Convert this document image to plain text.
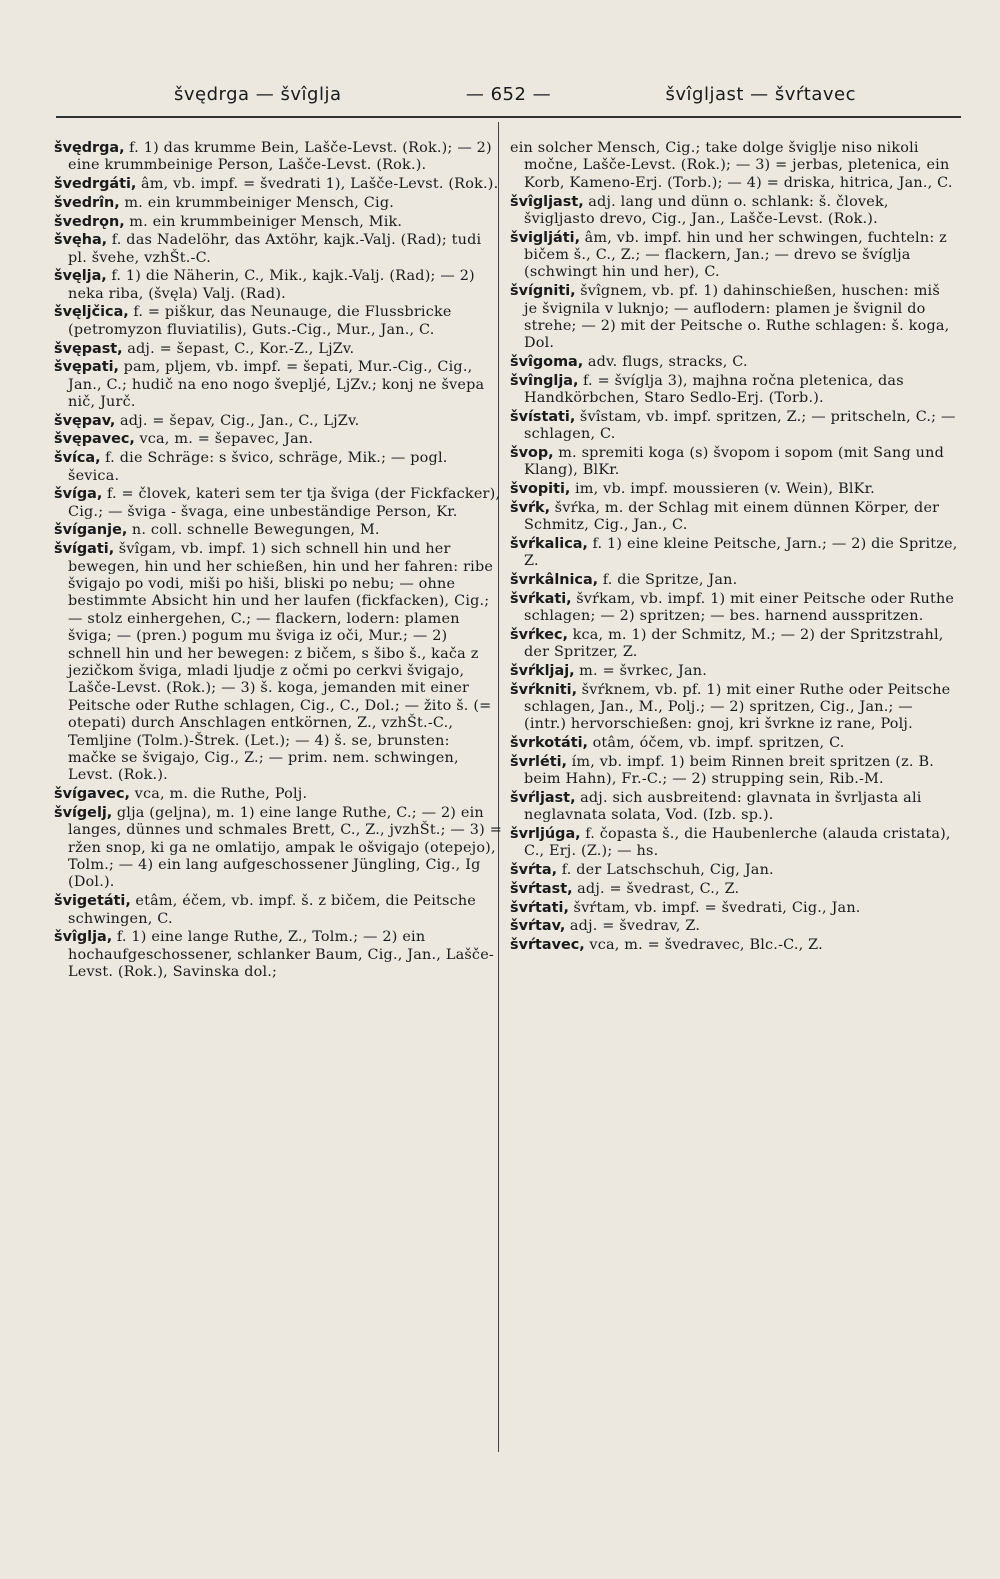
švędrga — švîglja	— 652 —	švîgljast — švŕtavec

švędrga, f. 1) das krumme Bein, Lašče-Levst. (Rok.); — 2) eine krummbeinige Person, Lašče-Levst. (Rok.).

švedrgáti, âm, vb. impf. = švedrati 1), Lašče-Levst. (Rok.).

švedrîn, m. ein krummbeiniger Mensch, Cig.

švedrǫn, m. ein krummbeiniger Mensch, Mik.

švęha, f. das Nadelöhr, das Axtöhr, kajk.-Valj. (Rad); tudi pl. švehe, vzhŠt.-C.

švęlja, f. 1) die Näherin, C., Mik., kajk.-Valj. (Rad); — 2) neka riba, (švęla) Valj. (Rad).

švęljčica, f. = piškur, das Neunauge, die Flussbricke (petromyzon fluviatilis), Guts.-Cig., Mur., Jan., C.

švępast, adj. = šepast, C., Kor.-Z., LjZv.

švępati, pam, pljem, vb. impf. = šepati, Mur.-Cig., Cig., Jan., C.; hudič na eno nogo švepljé, LjZv.; konj ne švepa nič, Jurč.

švępav, adj. = šepav, Cig., Jan., C., LjZv.

švępavec, vca, m. = šepavec, Jan.

švíca, f. die Schräge: s švico, schräge, Mik.; — pogl. ševica.

švíga, f. = človek, kateri sem ter tja šviga (der Fickfacker), Cig.; — šviga - švaga, eine unbeständige Person, Kr.

švíganje, n. coll. schnelle Bewegungen, M.

švígati, švîgam, vb. impf. 1) sich schnell hin und her bewegen, hin und her schießen, hin und her fahren: ribe švigajo po vodi, miši po hiši, bliski po nebu; — ohne bestimmte Absicht hin und her laufen (fickfacken), Cig.; — stolz einhergehen, C.; — flackern, lodern: plamen šviga; — (pren.) pogum mu šviga iz oči, Mur.; — 2) schnell hin und her bewegen: z bičem, s šibo š., kača z jezičkom šviga, mladi ljudje z očmi po cerkvi švigajo, Lašče-Levst. (Rok.); — 3) š. koga, jemanden mit einer Peitsche oder Ruthe schlagen, Cig., C., Dol.; — žito š. (= otepati) durch Anschlagen entkörnen, Z., vzhŠt.-C., Temljine (Tolm.)-Štrek. (Let.); — 4) š. se, brunsten: mačke se švigajo, Cig., Z.; — prim. nem. schwingen, Levst. (Rok.).

švígavec, vca, m. die Ruthe, Polj.

švígelj, glja (gelјna), m. 1) eine lange Ruthe, C.; — 2) ein langes, dünnes und schmales Brett, C., Z., jvzhŠt.; — 3) = ržen snop, ki ga ne omlatijo, ampak le ošvigajo (otepejo), Tolm.; — 4) ein lang aufgeschossener Jüngling, Cig., Ig (Dol.).

švigetáti, etâm, éčem, vb. impf. š. z bičem, die Peitsche schwingen, C.

švîglja, f. 1) eine lange Ruthe, Z., Tolm.; — 2) ein hochaufgeschossener, schlanker Baum, Cig., Jan., Lašče-Levst. (Rok.), Savinska dol.;

ein solcher Mensch, Cig.; take dolge šviglje niso nikoli močne, Lašče-Levst. (Rok.); — 3) = jerbas, pletenica, ein Korb, Kameno-Erj. (Torb.); — 4) = driska, hitrica, Jan., C.

švîgljast, adj. lang und dünn o. schlank: š. človek, švigljasto drevo, Cig., Jan., Lašče-Levst. (Rok.).

švigljáti, âm, vb. impf. hin und her schwingen, fuchteln: z bičem š., C., Z.; — flackern, Jan.; — drevo se švíglja (schwingt hin und her), C.

švígniti, švîgnem, vb. pf. 1) dahinschießen, huschen: miš je švignila v luknjo; — auflodern: plamen je švignil do strehe; — 2) mit der Peitsche o. Ruthe schlagen: š. koga, Dol.

švîgoma, adv. flugs, stracks, C.

švînglja, f. = švíglja 3), majhna ročna pletenica, das Handkörbchen, Staro Sedlo-Erj. (Torb.).

švístati, švîstam, vb. impf. spritzen, Z.; — pritscheln, C.; — schlagen, C.

švop, m. spremiti koga (s) švopom i sopom (mit Sang und Klang), BlKr.

švopiti, im, vb. impf. moussieren (v. Wein), BlKr.

švŕk, švŕka, m. der Schlag mit einem dünnen Körper, der Schmitz, Cig., Jan., C.

švŕkalica, f. 1) eine kleine Peitsche, Jarn.; — 2) die Spritze, Z.

švrkâlnica, f. die Spritze, Jan.

švŕkati, švŕkam, vb. impf. 1) mit einer Peitsche oder Ruthe schlagen; — 2) spritzen; — bes. harnend ausspritzen.

švŕkec, kca, m. 1) der Schmitz, M.; — 2) der Spritzstrahl, der Spritzer, Z.

švŕkljaj, m. = švrkec, Jan.

švŕkniti, švŕknem, vb. pf. 1) mit einer Ruthe oder Peitsche schlagen, Jan., M., Polj.; — 2) spritzen, Cig., Jan.; — (intr.) hervorschießen: gnoj, kri švrkne iz rane, Polj.

švrkotáti, otâm, óčem, vb. impf. spritzen, C.

švrléti, ím, vb. impf. 1) beim Rinnen breit spritzen (z. B. beim Hahn), Fr.-C.; — 2) strupping sein, Rib.-M.

švŕljast, adj. sich ausbreitend: glavnata in švrljasta ali neglavnata solata, Vod. (Izb. sp.).

švrljúga, f. čopasta š., die Haubenlerche (alauda cristata), C., Erj. (Z.); — hs.

švŕta, f. der Latschschuh, Cig, Jan.

švŕtast, adj. = švedrast, C., Z.

švŕtati, švŕtam, vb. impf. = švedrati, Cig., Jan.

švŕtav, adj. = švedrav, Z.

švŕtavec, vca, m. = švedravec, Blc.-C., Z.
